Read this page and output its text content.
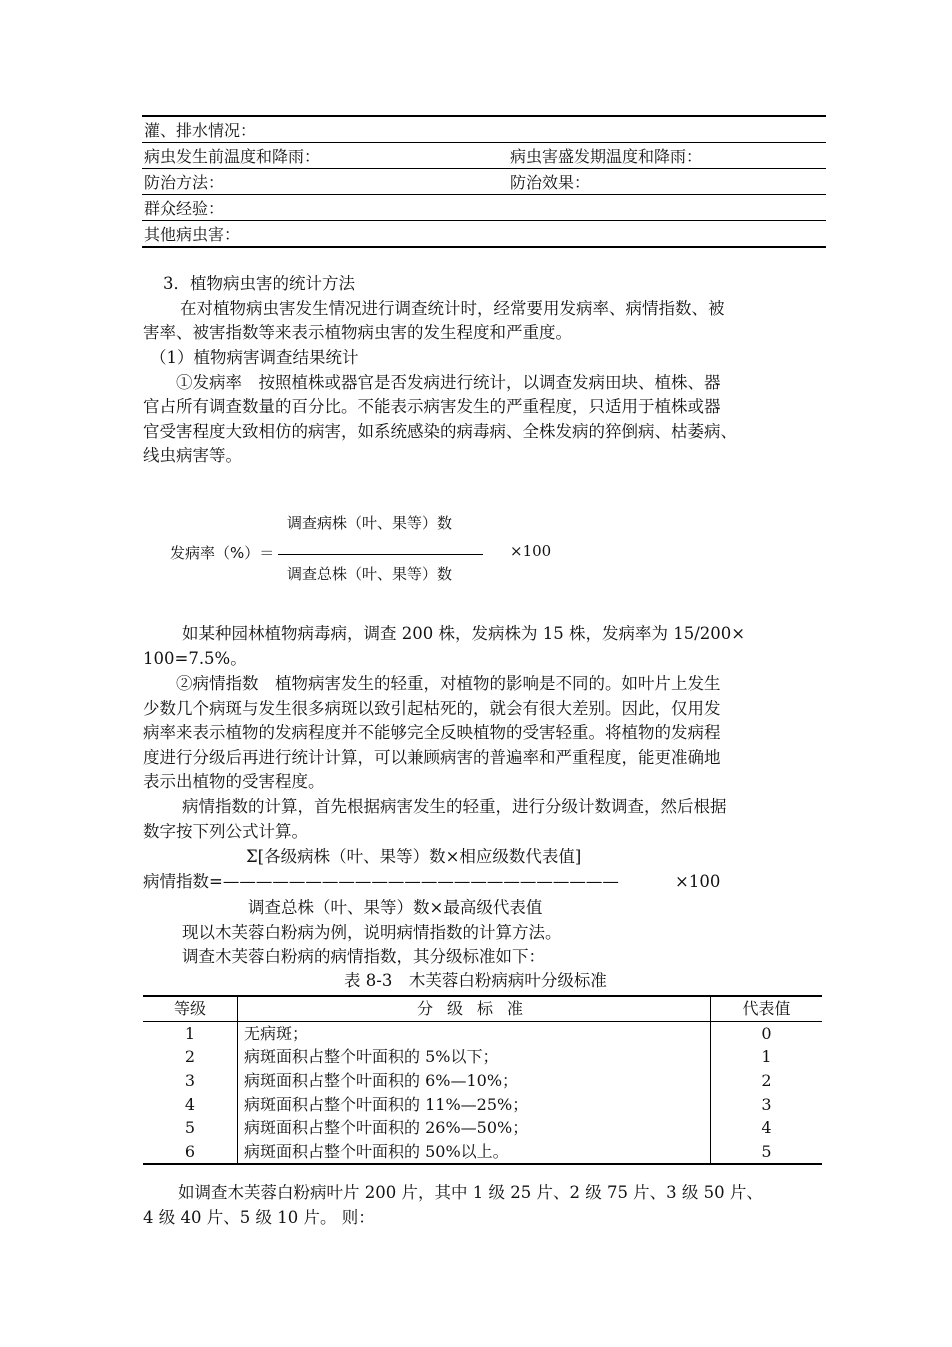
灌、排水情况：
病虫发生前温度和降雨：	病虫害盛发期温度和降雨：
防治方法：	防治效果：
群众经验：
其他病虫害：
3．植物病虫害的统计方法
在对植物病虫害发生情况进行调查统计时，经常要用发病率、病情指数、被
害率、被害指数等来表示植物病虫害的发生程度和严重度。
（1）植物病害调查结果统计
①发病率　按照植株或器官是否发病进行统计，以调查发病田块、植株、器
官占所有调查数量的百分比。不能表示病害发生的严重程度，只适用于植株或器
官受害程度大致相仿的病害，如系统感染的病毒病、全株发病的猝倒病、枯萎病、
线虫病害等。
调查病株（叶、果等）数
发病率（%）＝
调查总株（叶、果等）数
×100
如某种园林植物病毒病，调查 200 株，发病株为 15 株，发病率为 15/200×
100=7.5%。
②病情指数　植物病害发生的轻重，对植物的影响是不同的。如叶片上发生
少数几个病斑与发生很多病斑以致引起枯死的，就会有很大差别。因此，仅用发
病率来表示植物的发病程度并不能够完全反映植物的受害轻重。将植物的发病程
度进行分级后再进行统计计算，可以兼顾病害的普遍率和严重程度，能更准确地
表示出植物的受害程度。
病情指数的计算，首先根据病害发生的轻重，进行分级计数调查，然后根据
数字按下列公式计算。
Σ[各级病株（叶、果等）数×相应级数代表值]
病情指数=————————————————————————	×100
调查总株（叶、果等）数×最高级代表值
现以木芙蓉白粉病为例，说明病情指数的计算方法。
调查木芙蓉白粉病的病情指数，其分级标准如下：
表 8-3　木芙蓉白粉病病叶分级标准
等级	分级标准	代表值
1	无病斑；	0
2	病斑面积占整个叶面积的 5%以下；	1
3	病斑面积占整个叶面积的 6%—10%；	2
4	病斑面积占整个叶面积的 11%—25%；	3
5	病斑面积占整个叶面积的 26%—50%；	4
6	病斑面积占整个叶面积的 50%以上。	5
如调查木芙蓉白粉病叶片 200 片，其中 1 级 25 片、2 级 75 片、3 级 50 片、
4 级 40 片、5 级 10 片。 则：
